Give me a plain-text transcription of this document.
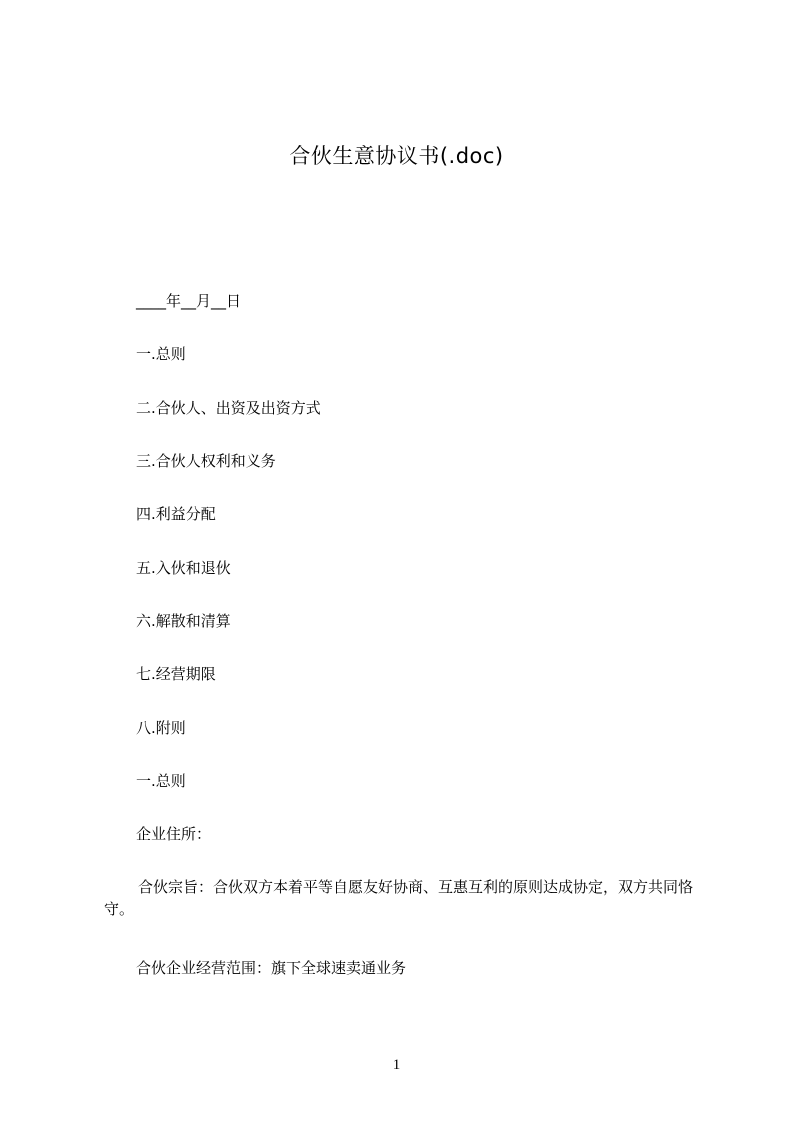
合伙生意协议书(.doc)
____年__月__日
一.总则
二.合伙人、出资及出资方式
三.合伙人权利和义务
四.利益分配
五.入伙和退伙
六.解散和清算
七.经营期限
八.附则
一.总则
企业住所：
合伙宗旨：合伙双方本着平等自愿友好协商、互惠互利的原则达成协定，双方共同恪守。
合伙企业经营范围：旗下全球速卖通业务
1
